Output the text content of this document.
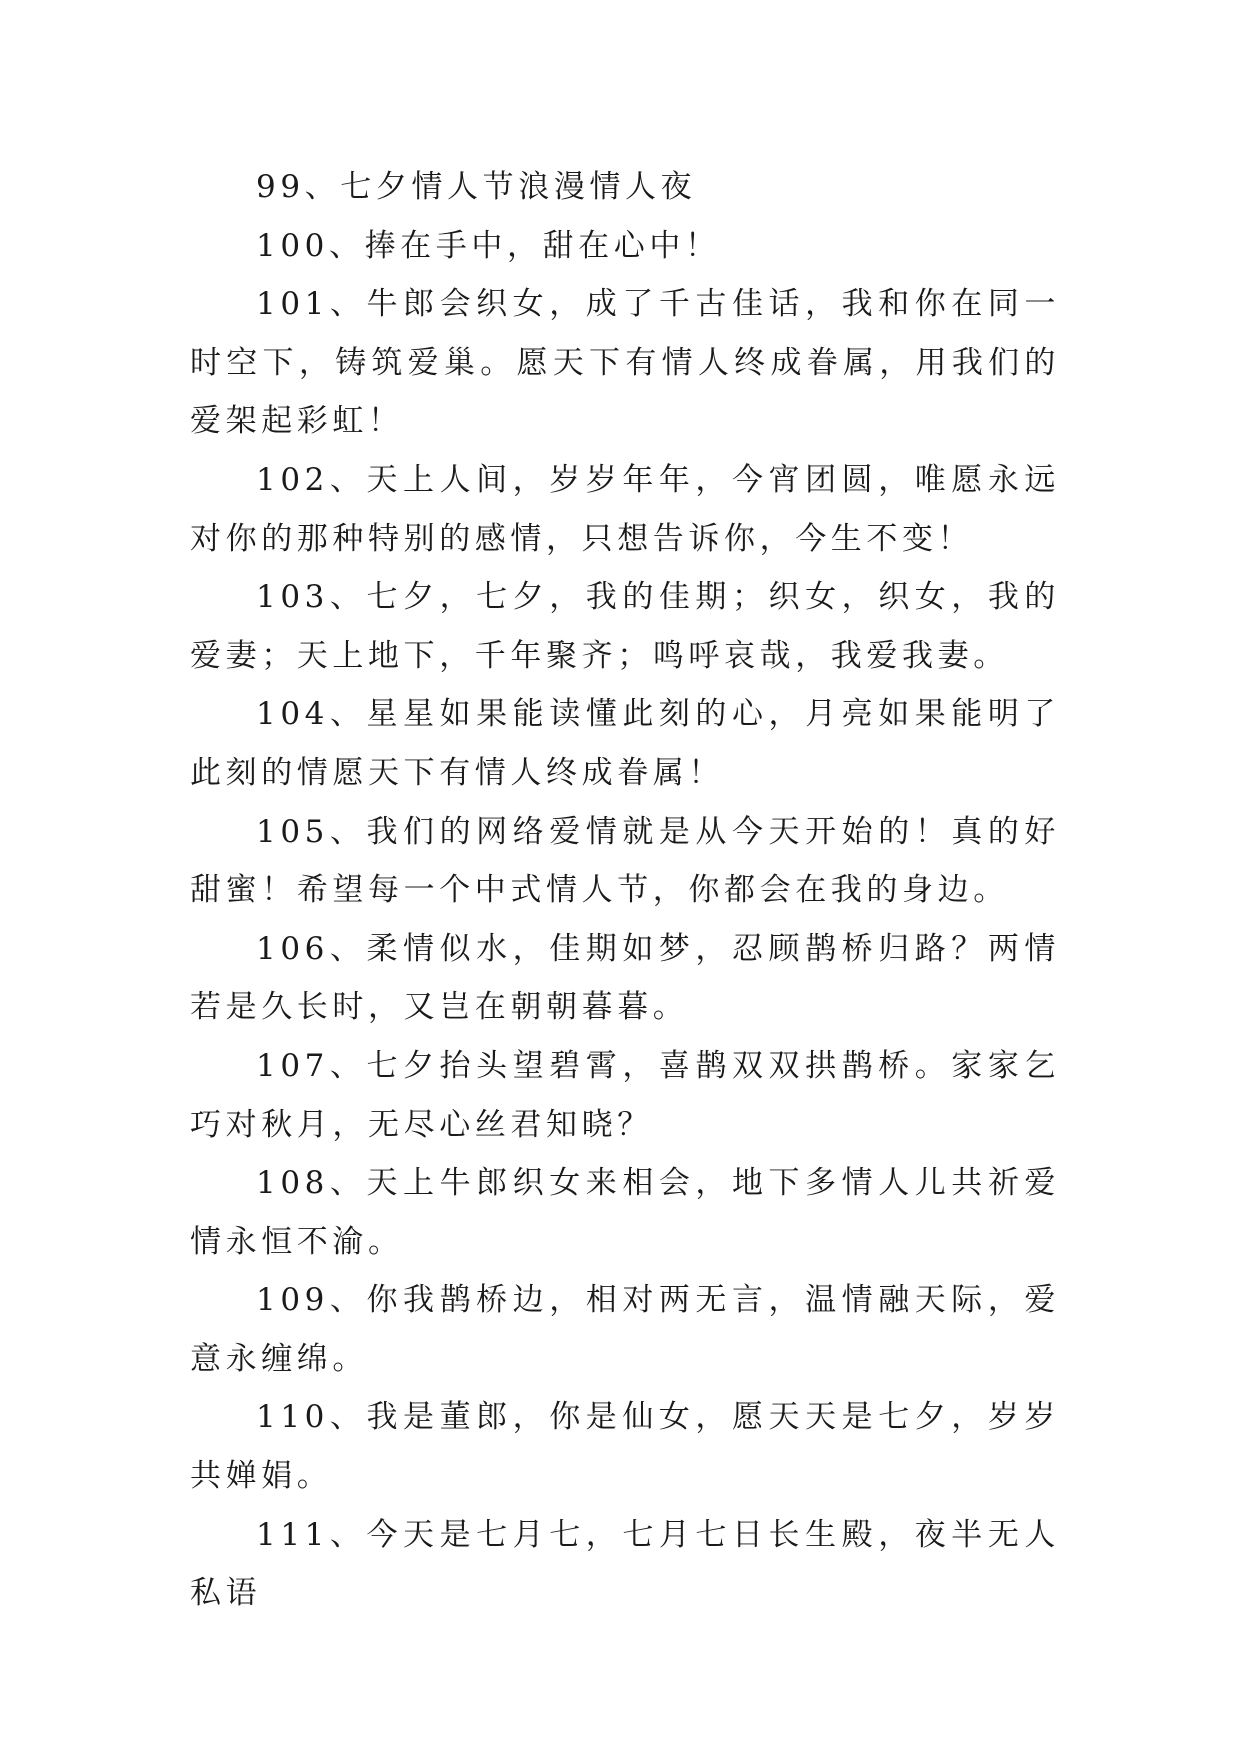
99、七夕情人节浪漫情人夜

100、捧在手中，甜在心中！

101、牛郎会织女，成了千古佳话，我和你在同一时空下，铸筑爱巢。愿天下有情人终成眷属，用我们的爱架起彩虹！

102、天上人间，岁岁年年，今宵团圆，唯愿永远对你的那种特别的感情，只想告诉你，今生不变！

103、七夕，七夕，我的佳期；织女，织女，我的爱妻；天上地下，千年聚齐；鸣呼哀哉，我爱我妻。

104、星星如果能读懂此刻的心，月亮如果能明了此刻的情愿天下有情人终成眷属！

105、我们的网络爱情就是从今天开始的！真的好甜蜜！希望每一个中式情人节，你都会在我的身边。

106、柔情似水，佳期如梦，忍顾鹊桥归路？两情若是久长时，又岂在朝朝暮暮。

107、七夕抬头望碧霄，喜鹊双双拱鹊桥。家家乞巧对秋月，无尽心丝君知晓？

108、天上牛郎织女来相会，地下多情人儿共祈爱情永恒不渝。

109、你我鹊桥边，相对两无言，温情融天际，爱意永缠绵。

110、我是董郎，你是仙女，愿天天是七夕，岁岁共婵娟。

111、今天是七月七，七月七日长生殿，夜半无人私语
